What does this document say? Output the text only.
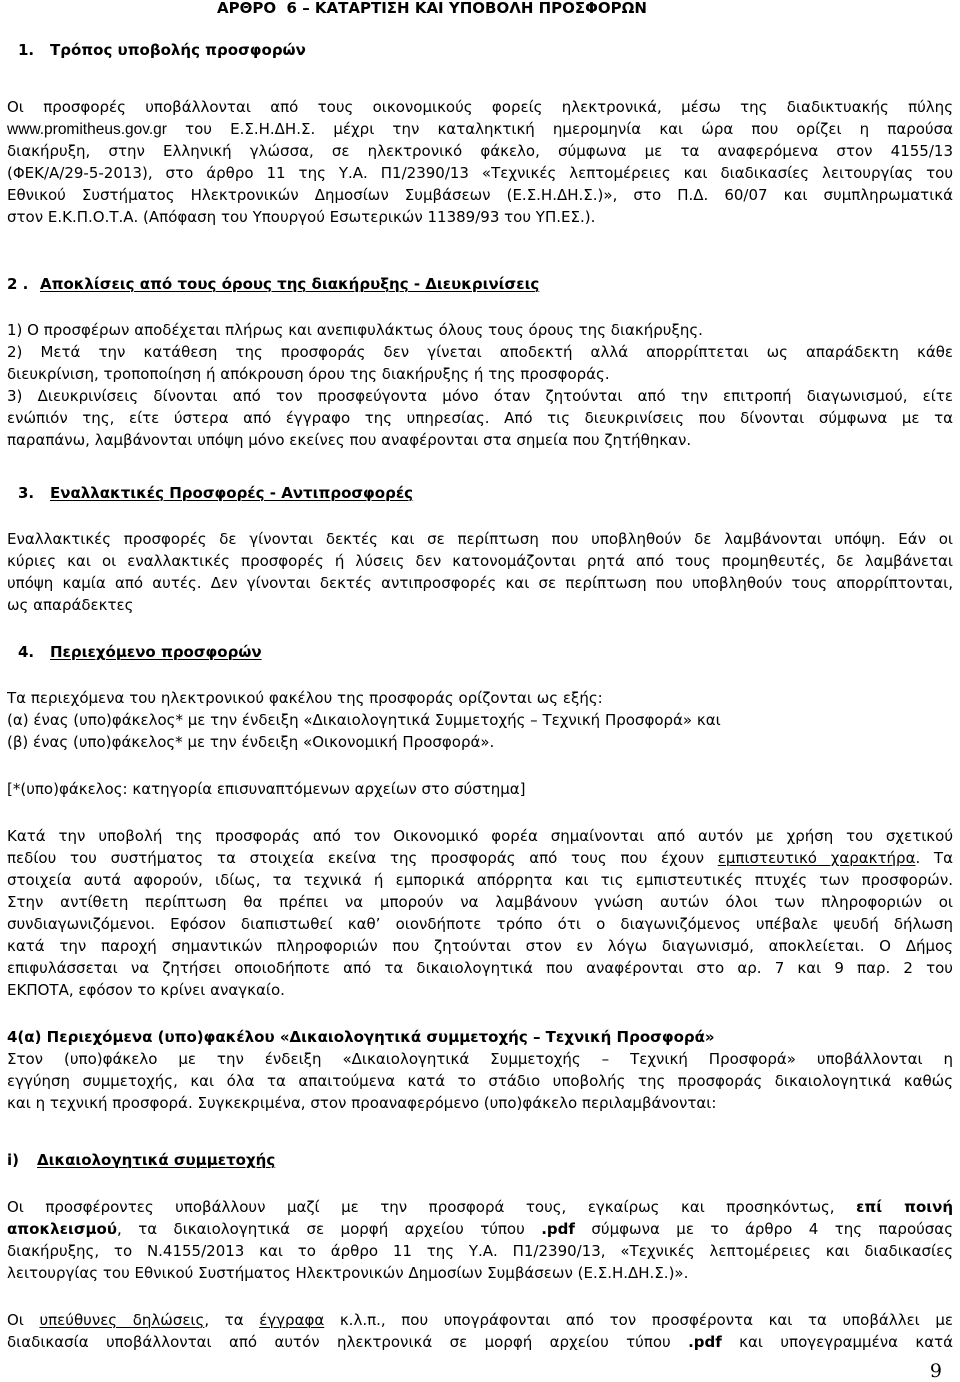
ΑΡΘΡΟ  6 – ΚΑΤΑΡΤΙΣΗ ΚΑΙ ΥΠΟΒΟΛΗ ΠΡΟΣΦΟΡΩΝ
1. Τρόπος υποβολής προσφορών
Οι προσφορές υποβάλλονται από τους οικονομικούς φορείς ηλεκτρονικά, μέσω της διαδικτυακής πύλης
www.promitheus.gov.gr του Ε.Σ.Η.ΔΗ.Σ. μέχρι την καταληκτική ημερομηνία και ώρα που ορίζει η παρούσα
διακήρυξη, στην Ελληνική γλώσσα, σε ηλεκτρονικό φάκελο, σύμφωνα με τα αναφερόμενα στον 4155/13
(ΦΕΚ/Α/29-5-2013), στο άρθρο 11 της Υ.Α. Π1/2390/13 «Τεχνικές λεπτομέρειες και διαδικασίες λειτουργίας του
Εθνικού Συστήματος Ηλεκτρονικών Δημοσίων Συμβάσεων (Ε.Σ.Η.ΔΗ.Σ.)», στο Π.Δ. 60/07 και συμπληρωματικά
στον Ε.Κ.Π.Ο.Τ.Α. (Απόφαση του Υπουργού Εσωτερικών 11389/93 του ΥΠ.ΕΣ.).
2 . Αποκλίσεις από τους όρους της διακήρυξης - Διευκρινίσεις
1) Ο προσφέρων αποδέχεται πλήρως και ανεπιφυλάκτως όλους τους όρους της διακήρυξης.
2) Μετά την κατάθεση της προσφοράς δεν γίνεται αποδεκτή αλλά απορρίπτεται ως απαράδεκτη κάθε
διευκρίνιση, τροποποίηση ή απόκρουση όρου της διακήρυξης ή της προσφοράς.
3) Διευκρινίσεις δίνονται από τον προσφεύγοντα μόνο όταν ζητούνται από την επιτροπή διαγωνισμού, είτε
ενώπιόν της, είτε ύστερα από έγγραφο της υπηρεσίας. Από τις διευκρινίσεις που δίνονται σύμφωνα με τα
παραπάνω, λαμβάνονται υπόψη μόνο εκείνες που αναφέρονται στα σημεία που ζητήθηκαν.
3. Εναλλακτικές Προσφορές - Αντιπροσφορές
Εναλλακτικές προσφορές δε γίνονται δεκτές και σε περίπτωση που υποβληθούν δε λαμβάνονται υπόψη. Εάν οι
κύριες και οι εναλλακτικές προσφορές ή λύσεις δεν κατονομάζονται ρητά από τους προμηθευτές, δε λαμβάνεται
υπόψη καμία από αυτές. Δεν γίνονται δεκτές αντιπροσφορές και σε περίπτωση που υποβληθούν τους απορρίπτονται,
ως απαράδεκτες
4. Περιεχόμενο προσφορών
Τα περιεχόμενα του ηλεκτρονικού φακέλου της προσφοράς ορίζονται ως εξής:
(α) ένας (υπο)φάκελος* με την ένδειξη «Δικαιολογητικά Συμμετοχής – Τεχνική Προσφορά» και
(β) ένας (υπο)φάκελος* με την ένδειξη «Οικονομική Προσφορά».
[*(υπο)φάκελος: κατηγορία επισυναπτόμενων αρχείων στο σύστημα]
Κατά την υποβολή της προσφοράς από τον Οικονομικό φορέα σημαίνονται από αυτόν με χρήση του σχετικού
πεδίου του συστήματος τα στοιχεία εκείνα της προσφοράς από τους που έχουν εμπιστευτικό χαρακτήρα. Τα
στοιχεία αυτά αφορούν, ιδίως, τα τεχνικά ή εμπορικά απόρρητα και τις εμπιστευτικές πτυχές των προσφορών.
Στην αντίθετη περίπτωση θα πρέπει να μπορούν να λαμβάνουν γνώση αυτών όλοι των πληροφοριών οι
συνδιαγωνιζόμενοι. Εφόσον διαπιστωθεί καθ’ οιονδήποτε τρόπο ότι ο διαγωνιζόμενος υπέβαλε ψευδή δήλωση
κατά την παροχή σημαντικών πληροφοριών που ζητούνται στον εν λόγω διαγωνισμό, αποκλείεται. Ο Δήμος
επιφυλάσσεται να ζητήσει οποιοδήποτε από τα δικαιολογητικά που αναφέρονται στο αρ. 7 και 9 παρ. 2 του
ΕΚΠΟΤΑ, εφόσον το κρίνει αναγκαίο.
4(α) Περιεχόμενα (υπο)φακέλου «Δικαιολογητικά συμμετοχής – Τεχνική Προσφορά»
Στον (υπο)φάκελο με την ένδειξη «Δικαιολογητικά Συμμετοχής – Τεχνική Προσφορά» υποβάλλονται η
εγγύηση συμμετοχής, και όλα τα απαιτούμενα κατά το στάδιο υποβολής της προσφοράς δικαιολογητικά καθώς
και η τεχνική προσφορά. Συγκεκριμένα, στον προαναφερόμενο (υπο)φάκελο περιλαμβάνονται:
i) Δικαιολογητικά συμμετοχής
Οι προσφέροντες υποβάλλουν μαζί με την προσφορά τους, εγκαίρως και προσηκόντως, επί ποινή
αποκλεισμού, τα δικαιολογητικά σε μορφή αρχείου τύπου .pdf σύμφωνα με το άρθρο 4 της παρούσας
διακήρυξης, το Ν.4155/2013 και το άρθρο 11 της Υ.Α. Π1/2390/13, «Τεχνικές λεπτομέρειες και διαδικασίες
λειτουργίας του Εθνικού Συστήματος Ηλεκτρονικών Δημοσίων Συμβάσεων (Ε.Σ.Η.ΔΗ.Σ.)».
Οι υπεύθυνες δηλώσεις, τα έγγραφα κ.λ.π., που υπογράφονται από τον προσφέροντα και τα υποβάλλει με
διαδικασία υποβάλλονται από αυτόν ηλεκτρονικά σε μορφή αρχείου τύπου .pdf και υπογεγραμμένα κατά
9
